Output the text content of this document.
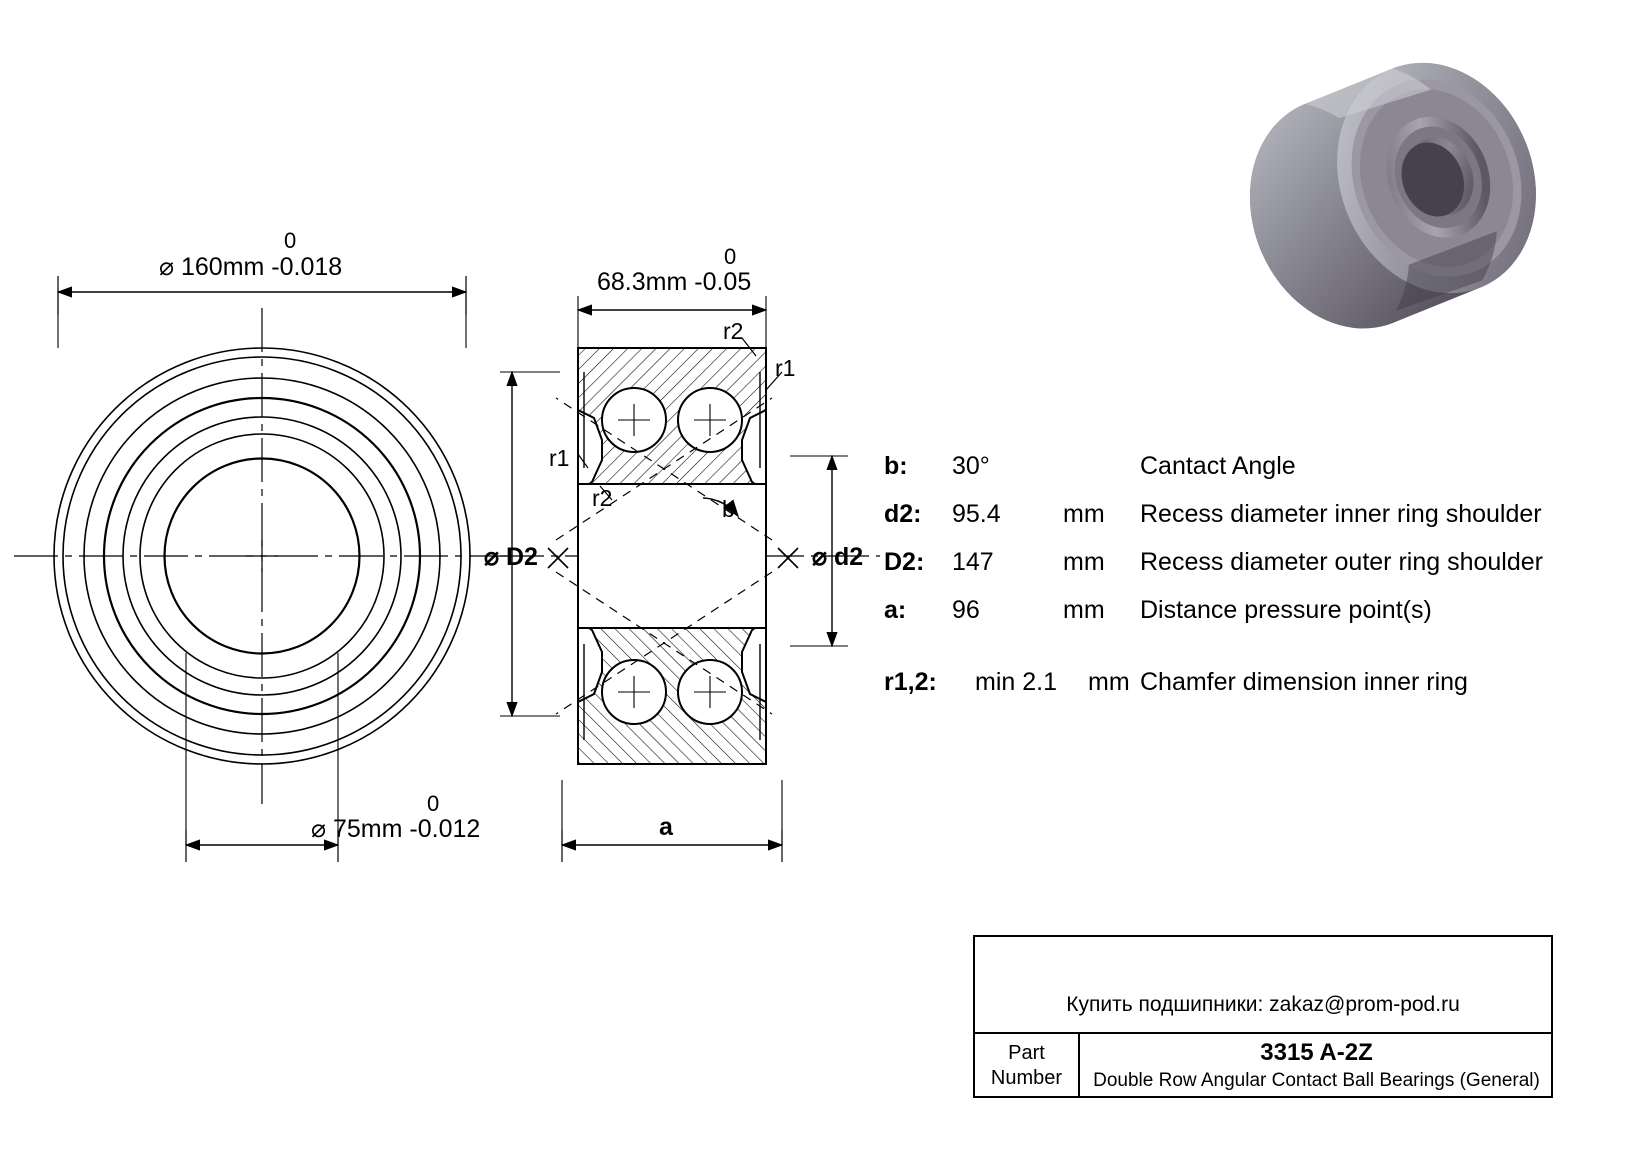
0
⌀ 160mm -0.018
0
⌀ 75mm -0.012
0
68.3mm -0.05
r2
r1
r1
r2	b
⌀ D2	⌀ d2
a
b: 30°	Cantact Angle
d2: 95.4 mm Recess diameter inner ring shoulder
D2: 147	mm Recess diameter outer ring shoulder
a: 96	mm Distance pressure point(s)
r1,2: min 2.1 mm Chamfer dimension inner ring
Купить подшипники: zakaz@prom-pod.ru
Part
Number
3315 A-2Z
Double Row Angular Contact Ball Bearings (General)
